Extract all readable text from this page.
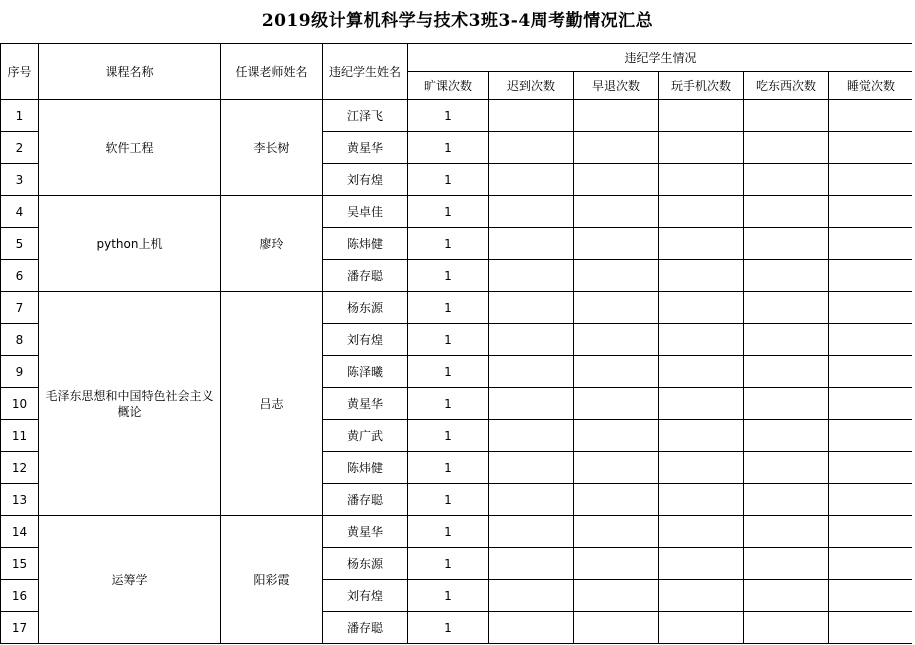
2019级计算机科学与技术3班3-4周考勤情况汇总
序号	课程名称	任课老师姓名	违纪学生姓名	违纪学生情况					
				旷课次数	迟到次数	早退次数	玩手机次数	吃东西次数	睡觉次数
1	软件工程	李长树	江泽飞	1					
2			黄星华	1					
3			刘有煌	1					
4	python上机	廖玲	吴卓佳	1					
5			陈炜健	1					
6			潘存聪	1					
7	毛泽东思想和中国特色社会主义概论	吕志	杨东源	1					
8			刘有煌	1					
9			陈泽曦	1					
10			黄星华	1					
11			黄广武	1					
12			陈炜健	1					
13			潘存聪	1					
14	运筹学	阳彩霞	黄星华	1					
15			杨东源	1					
16			刘有煌	1					
17			潘存聪	1					
